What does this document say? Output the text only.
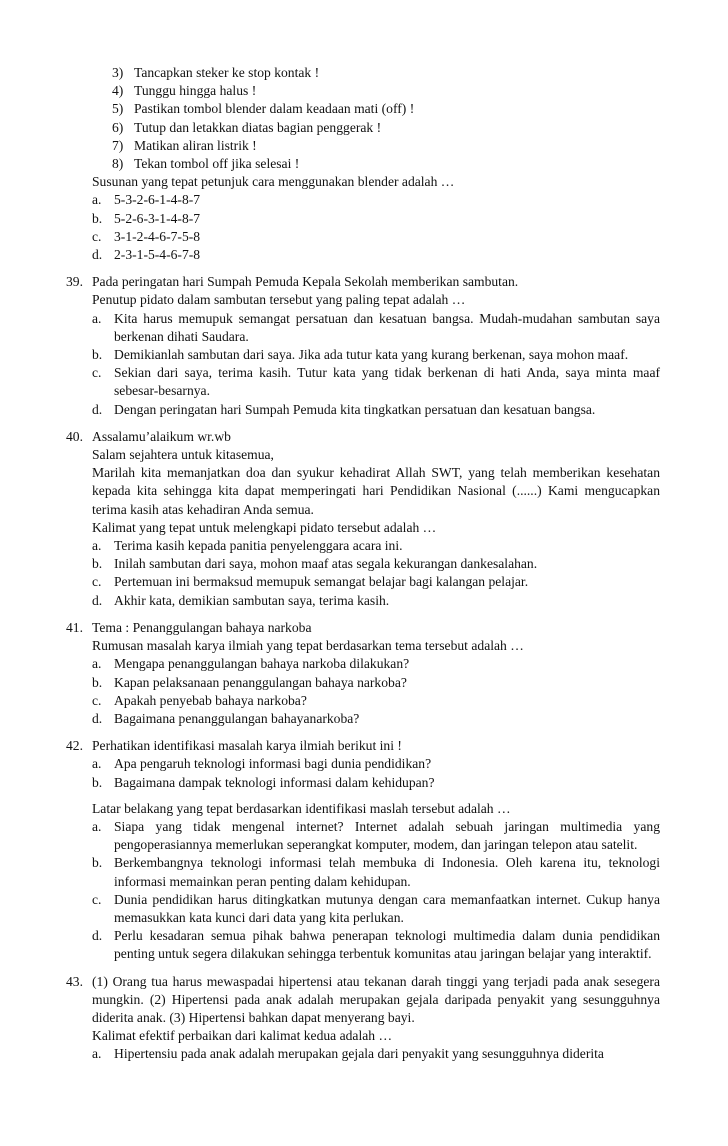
3) Tancapkan steker ke stop kontak !
4) Tunggu hingga halus !
5) Pastikan tombol blender dalam keadaan mati (off) !
6) Tutup dan letakkan diatas bagian penggerak !
7) Matikan aliran listrik !
8) Tekan tombol off jika selesai !
Susunan yang tepat petunjuk cara menggunakan blender adalah …
a. 5-3-2-6-1-4-8-7
b. 5-2-6-3-1-4-8-7
c. 3-1-2-4-6-7-5-8
d. 2-3-1-5-4-6-7-8
39. Pada peringatan hari Sumpah Pemuda Kepala Sekolah memberikan sambutan.
Penutup pidato dalam sambutan tersebut yang paling tepat adalah …
a. Kita harus memupuk semangat persatuan dan kesatuan bangsa. Mudah-mudahan sambutan saya berkenan dihati Saudara.
b. Demikianlah sambutan dari saya. Jika ada tutur kata yang kurang berkenan, saya mohon maaf.
c. Sekian dari saya, terima kasih. Tutur kata yang tidak berkenan di hati Anda, saya minta maaf sebesar-besarnya.
d. Dengan peringatan hari Sumpah Pemuda kita tingkatkan persatuan dan kesatuan bangsa.
40. Assalamu’alaikum wr.wb
Salam sejahtera untuk kitasemua,
Marilah kita memanjatkan doa dan syukur kehadirat Allah SWT, yang telah memberikan kesehatan kepada kita sehingga kita dapat memperingati hari Pendidikan Nasional (......) Kami mengucapkan terima kasih atas kehadiran Anda semua.
Kalimat yang tepat untuk melengkapi pidato tersebut adalah …
a. Terima kasih kepada panitia penyelenggara acara ini.
b. Inilah sambutan dari saya, mohon maaf atas segala kekurangan dankesalahan.
c. Pertemuan ini bermaksud memupuk semangat belajar bagi kalangan pelajar.
d. Akhir kata, demikian sambutan saya, terima kasih.
41. Tema : Penanggulangan bahaya narkoba
Rumusan masalah karya ilmiah yang tepat berdasarkan tema tersebut adalah …
a. Mengapa penanggulangan bahaya narkoba dilakukan?
b. Kapan pelaksanaan penanggulangan bahaya narkoba?
c. Apakah penyebab bahaya narkoba?
d. Bagaimana penanggulangan bahayanarkoba?
42. Perhatikan identifikasi masalah karya ilmiah berikut ini !
a. Apa pengaruh teknologi informasi bagi dunia pendidikan?
b. Bagaimana dampak teknologi informasi dalam kehidupan?
Latar belakang yang tepat berdasarkan identifikasi maslah tersebut adalah …
a. Siapa yang tidak mengenal internet? Internet adalah sebuah jaringan multimedia yang pengoperasiannya memerlukan seperangkat komputer, modem, dan jaringan telepon atau satelit.
b. Berkembangnya teknologi informasi telah membuka di Indonesia. Oleh karena itu, teknologi informasi memainkan peran penting dalam kehidupan.
c. Dunia pendidikan harus ditingkatkan mutunya dengan cara memanfaatkan internet. Cukup hanya memasukkan kata kunci dari data yang kita perlukan.
d. Perlu kesadaran semua pihak bahwa penerapan teknologi multimedia dalam dunia pendidikan penting untuk segera dilakukan sehingga terbentuk komunitas atau jaringan belajar yang interaktif.
43. (1) Orang tua harus mewaspadai hipertensi atau tekanan darah tinggi yang terjadi pada anak sesegera mungkin. (2) Hipertensi pada anak adalah merupakan gejala daripada penyakit yang sesungguhnya diderita anak. (3) Hipertensi bahkan dapat menyerang bayi.
Kalimat efektif perbaikan dari kalimat kedua adalah …
a. Hipertensiu pada anak adalah merupakan gejala dari penyakit yang sesungguhnya diderita
